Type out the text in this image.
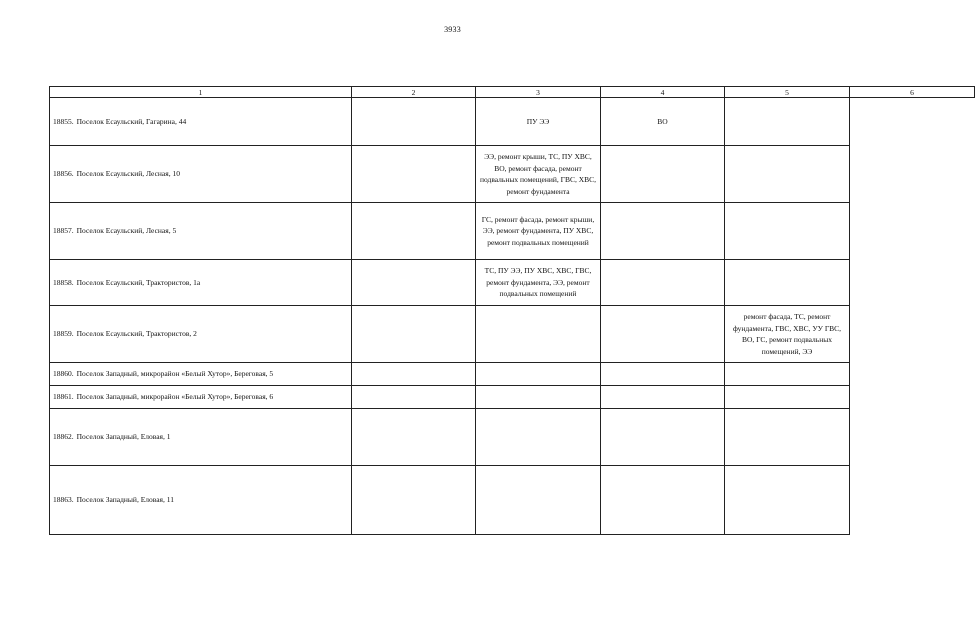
3933
1	2	3	4	5	6
18855. Поселок Есаульский, Гагарина, 44		ПУ ЭЭ	ВО		
18856. Поселок Есаульский, Лесная, 10		ЭЭ, ремонт крыши, ТС, ПУ ХВС, ВО, ремонт фасада, ремонт подвальных помещений, ГВС, ХВС, ремонт фундамента			
18857. Поселок Есаульский, Лесная, 5		ГС, ремонт фасада, ремонт крыши, ЭЭ, ремонт фундамента, ПУ ХВС, ремонт подвальных помещений			
18858. Поселок Есаульский, Трактористов, 1а		ТС, ПУ ЭЭ, ПУ ХВС, ХВС, ГВС, ремонт фундамента, ЭЭ, ремонт подвальных помещений			
18859. Поселок Есаульский, Трактористов, 2				ремонт фасада, ТС, ремонт фундамента, ГВС, ХВС, УУ ГВС, ВО, ГС, ремонт подвальных помещений, ЭЭ	
18860. Поселок Западный, микрорайон «Белый Хутор», Береговая, 5					
18861. Поселок Западный, микрорайон «Белый Хутор», Береговая, 6					
18862. Поселок Западный, Еловая, 1					
18863. Поселок Западный, Еловая, 11					
